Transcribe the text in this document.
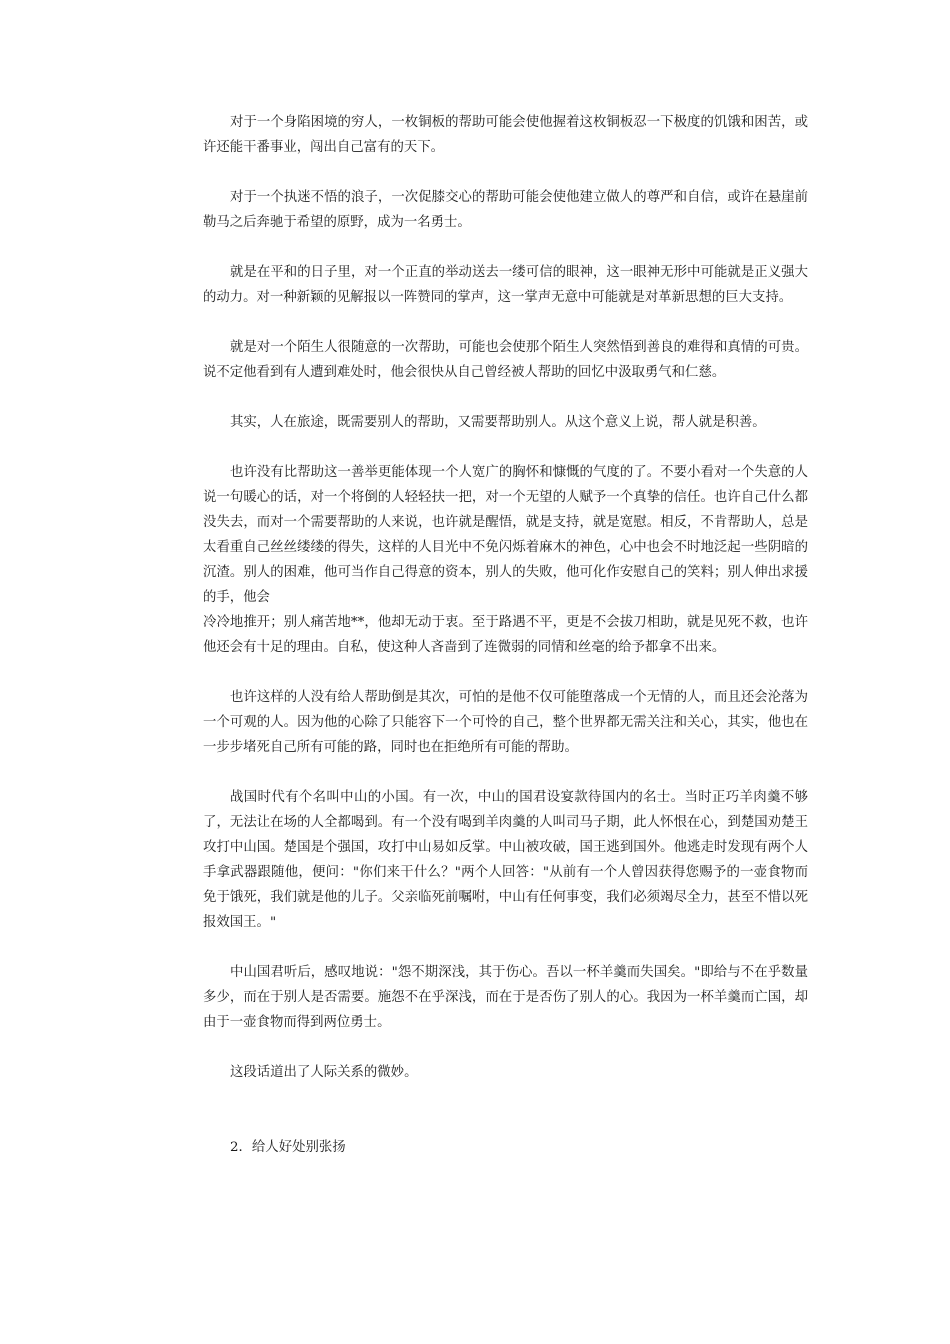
对于一个身陷困境的穷人，一枚铜板的帮助可能会使他握着这枚铜板忍一下极度的饥饿和困苦，或许还能干番事业，闯出自己富有的天下。

对于一个执迷不悟的浪子，一次促膝交心的帮助可能会使他建立做人的尊严和自信，或许在悬崖前勒马之后奔驰于希望的原野，成为一名勇士。

就是在平和的日子里，对一个正直的举动送去一缕可信的眼神，这一眼神无形中可能就是正义强大的动力。对一种新颖的见解报以一阵赞同的掌声，这一掌声无意中可能就是对革新思想的巨大支持。

就是对一个陌生人很随意的一次帮助，可能也会使那个陌生人突然悟到善良的难得和真情的可贵。说不定他看到有人遭到难处时，他会很快从自己曾经被人帮助的回忆中汲取勇气和仁慈。

其实，人在旅途，既需要别人的帮助，又需要帮助别人。从这个意义上说，帮人就是积善。

也许没有比帮助这一善举更能体现一个人宽广的胸怀和慷慨的气度的了。不要小看对一个失意的人说一句暖心的话，对一个将倒的人轻轻扶一把，对一个无望的人赋予一个真挚的信任。也许自己什么都没失去，而对一个需要帮助的人来说，也许就是醒悟，就是支持，就是宽慰。相反，不肯帮助人，总是太看重自己丝丝缕缕的得失，这样的人目光中不免闪烁着麻木的神色，心中也会不时地泛起一些阴暗的沉渣。别人的困难，他可当作自己得意的资本，别人的失败，他可化作安慰自己的笑料；别人伸出求援的手，他会
冷冷地推开；别人痛苦地**，他却无动于衷。至于路遇不平，更是不会拔刀相助，就是见死不救，也许他还会有十足的理由。自私，使这种人吝啬到了连微弱的同情和丝毫的给予都拿不出来。

也许这样的人没有给人帮助倒是其次，可怕的是他不仅可能堕落成一个无情的人，而且还会沦落为一个可观的人。因为他的心除了只能容下一个可怜的自己，整个世界都无需关注和关心，其实，他也在一步步堵死自己所有可能的路，同时也在拒绝所有可能的帮助。

战国时代有个名叫中山的小国。有一次，中山的国君设宴款待国内的名士。当时正巧羊肉羹不够了，无法让在场的人全都喝到。有一个没有喝到羊肉羹的人叫司马子期，此人怀恨在心，到楚国劝楚王攻打中山国。楚国是个强国，攻打中山易如反掌。中山被攻破，国王逃到国外。他逃走时发现有两个人手拿武器跟随他，便问："你们来干什么？"两个人回答："从前有一个人曾因获得您赐予的一壶食物而免于饿死，我们就是他的儿子。父亲临死前嘱咐，中山有任何事变，我们必须竭尽全力，甚至不惜以死报效国王。"

中山国君听后，感叹地说："怨不期深浅，其于伤心。吾以一杯羊羹而失国矣。"即给与不在乎数量多少，而在于别人是否需要。施怨不在乎深浅，而在于是否伤了别人的心。我因为一杯羊羹而亡国，却由于一壶食物而得到两位勇士。

这段话道出了人际关系的微妙。

2．给人好处别张扬
